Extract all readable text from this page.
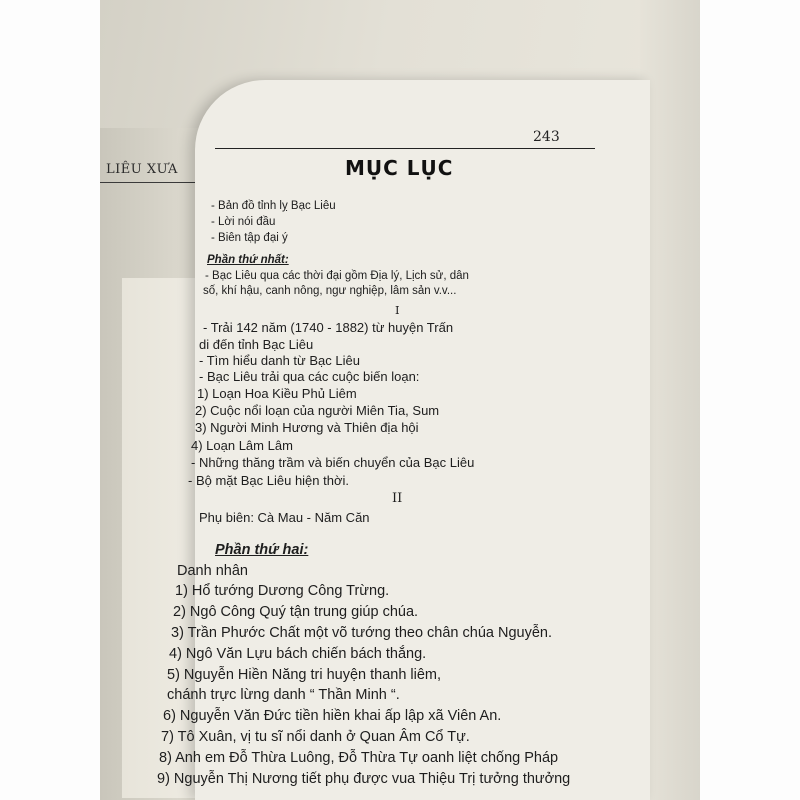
LIÊU XƯA
243
MỤC LỤC
- Bản đồ tỉnh lỵ Bạc Liêu
- Lời nói đầu
- Biên tập đại ý
Phần thứ nhất:
- Bạc Liêu qua các thời đại gồm Địa lý, Lịch sử, dân
số, khí hậu, canh nông, ngư nghiệp, lâm sản v.v...
I
- Trải 142 năm (1740 - 1882) từ huyện Trấn
di đến tỉnh Bạc Liêu
- Tìm hiểu danh từ Bạc Liêu
- Bạc Liêu trải qua các cuộc biến loạn:
1) Loạn Hoa Kiều Phủ Liêm
2) Cuộc nổi loạn của người Miên Tia, Sum
3) Người Minh Hương và Thiên địa hội
4) Loạn Lâm Lâm
- Những thăng trầm và biến chuyển của Bạc Liêu
- Bộ mặt Bạc Liêu hiện thời.
II
Phụ biên: Cà Mau - Năm Căn
Phần thứ hai:
Danh nhân
1) Hổ tướng Dương Công Trừng.
2) Ngô Công Quý tận trung giúp chúa.
3) Trần Phước Chất một võ tướng theo chân chúa Nguyễn.
4) Ngô Văn Lựu bách chiến bách thắng.
5) Nguyễn Hiền Năng tri huyện thanh liêm,
chánh trực lừng danh “ Thần Minh “.
6) Nguyễn Văn Đức tiền hiền khai ấp lập xã Viên An.
7) Tô Xuân, vị tu sĩ nổi danh ở Quan Âm Cổ Tự.
8) Anh em Đỗ Thừa Luông, Đỗ Thừa Tự oanh liệt chống Pháp
9) Nguyễn Thị Nương tiết phụ được vua Thiệu Trị tưởng thưởng
